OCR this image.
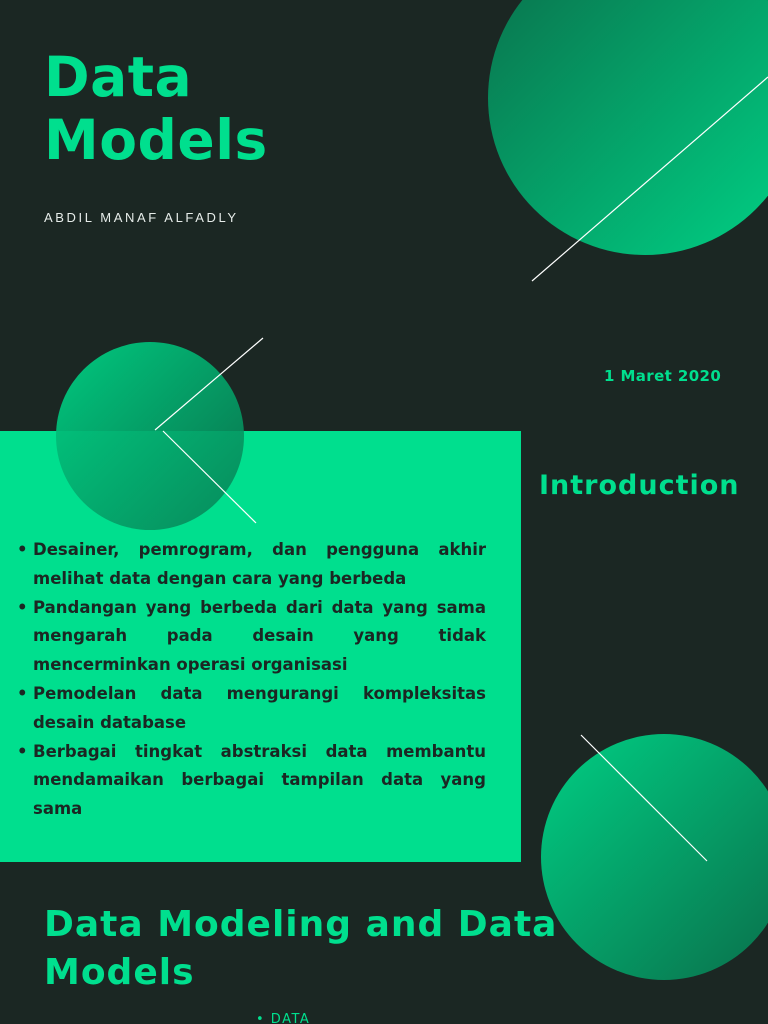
Data
Models
ABDIL MANAF ALFADLY
1 Maret 2020
• Desainer, pemrogram, dan pengguna akhir melihat data dengan cara yang berbeda
• Pandangan yang berbeda dari data yang sama mengarah pada desain yang tidak mencerminkan operasi organisasi
• Pemodelan data mengurangi kompleksitas desain database
• Berbagai tingkat abstraksi data membantu mendamaikan berbagai tampilan data yang sama
Introduction
Data Modeling and Data
Models
• DATA
